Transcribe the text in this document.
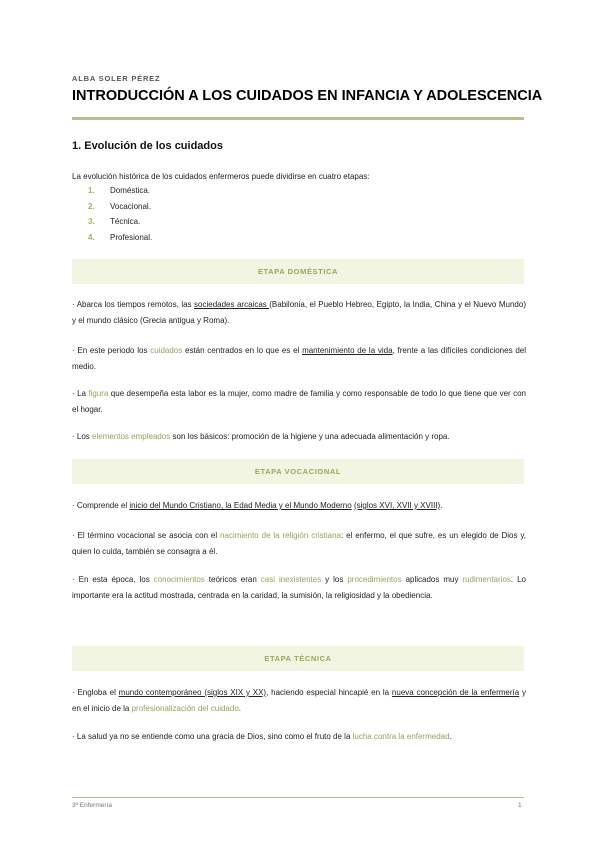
ALBA SOLER PÉREZ
INTRODUCCIÓN A LOS CUIDADOS EN INFANCIA Y ADOLESCENCIA
1. Evolución de los cuidados
La evolución histórica de los cuidados enfermeros puede dividirse en cuatro etapas:
1.	Doméstica.
2.	Vocacional.
3.	Técnica.
4.	Profesional.
ETAPA DOMÉSTICA

· Abarca los tiempos remotos, las sociedades arcaicas (Babilonia, el Pueblo Hebreo, Egipto, la India, China y el Nuevo Mundo) y el mundo clásico (Grecia antigua y Roma).

· En este periodo los cuidados están centrados en lo que es el mantenimiento de la vida, frente a las difíciles condiciones del medio.

· La figura que desempeña esta labor es la mujer, como madre de familia y como responsable de todo lo que tiene que ver con el hogar.

· Los elementos empleados son los básicos: promoción de la higiene y una adecuada alimentación y ropa.

ETAPA VOCACIONAL

· Comprende el inicio del Mundo Cristiano, la Edad Media y el Mundo Moderno (siglos XVI, XVII y XVIII).

· El término vocacional se asocia con el nacimiento de la religión cristiana: el enfermo, el que sufre, es un elegido de Dios y, quien lo cuida, también se consagra a él.

· En esta época, los conocimientos teóricos eran casi inexistentes y los procedimientos aplicados muy rudimentarios. Lo importante era la actitud mostrada, centrada en la caridad, la sumisión, la religiosidad y la obediencia.

ETAPA TÉCNICA

· Engloba el mundo contemporáneo (siglos XIX y XX), haciendo especial hincapié en la nueva concepción de la enfermería y en el inicio de la profesionalización del cuidado.

· La salud ya no se entiende como una gracia de Dios, sino como el fruto de la lucha contra la enfermedad.

3º Enfermería	1
